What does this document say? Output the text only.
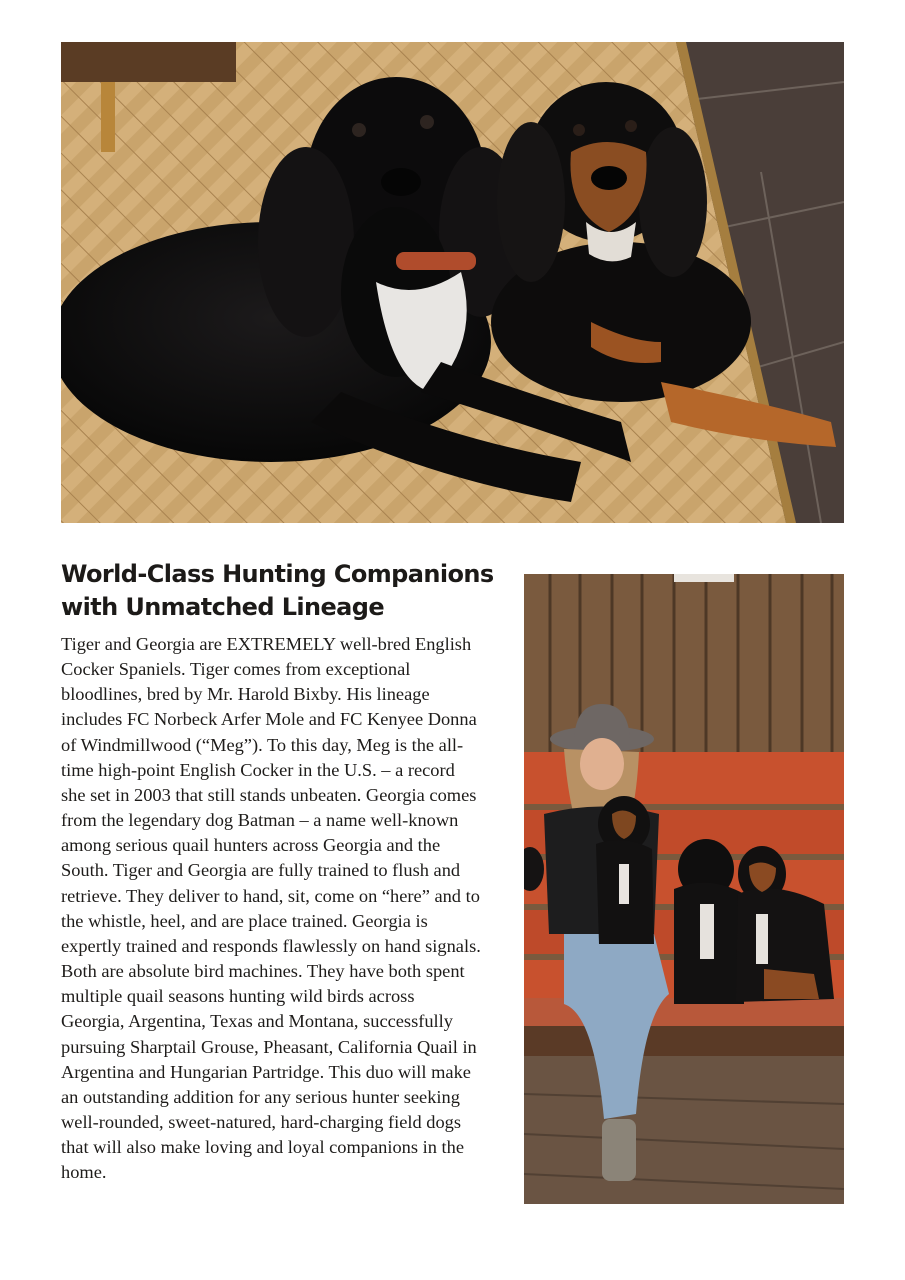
World-Class Hunting Companions with Unmatched Lineage

Tiger and Georgia are EXTREMELY well-bred English Cocker Spaniels. Tiger comes from exceptional bloodlines, bred by Mr. Harold Bixby. His lineage includes FC Norbeck Arfer Mole and FC Kenyee Donna of Windmillwood (“Meg”). To this day, Meg is the all-time high-point English Cocker in the U.S. – a record she set in 2003 that still stands unbeaten. Georgia comes from the legendary dog Batman – a name well-known among serious quail hunters across Georgia and the South. Tiger and Georgia are fully trained to flush and retrieve. They deliver to hand, sit, come on “here” and to the whistle, heel, and are place trained. Georgia is expertly trained and responds flawlessly on hand signals. Both are absolute bird machines. They have both spent multiple quail seasons hunting wild birds across Georgia, Argentina, Texas and Montana, successfully pursuing Sharptail Grouse, Pheasant, California Quail in Argentina and Hungarian Partridge. This duo will make an outstanding addition for any serious hunter seeking well-rounded, sweet-natured, hard-charging field dogs that will also make loving and loyal companions in the home.
